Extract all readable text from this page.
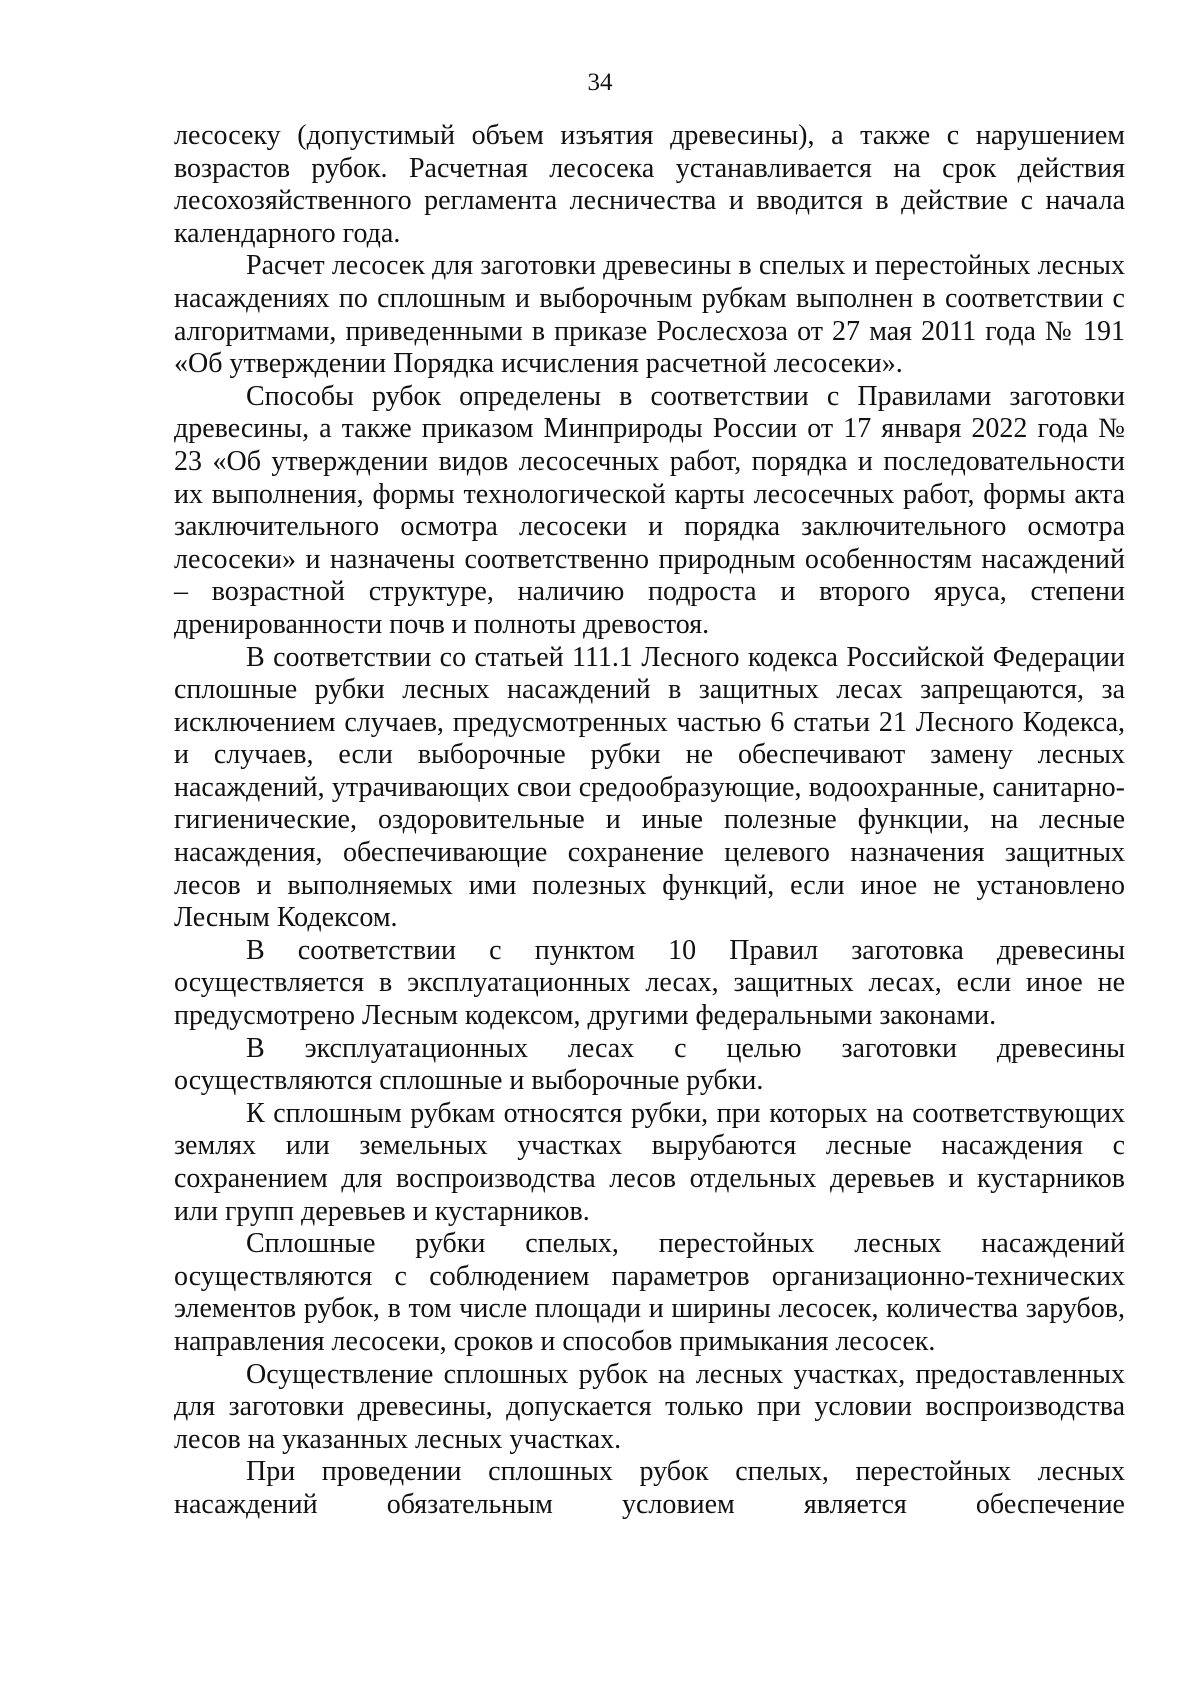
34

лесосеку (допустимый объем изъятия древесины), а также с нарушением возрастов рубок. Расчетная лесосека устанавливается на срок действия лесохозяйственного регламента лесничества и вводится в действие с начала календарного года.

Расчет лесосек для заготовки древесины в спелых и перестойных лесных насаждениях по сплошным и выборочным рубкам выполнен в соответствии с алгоритмами, приведенными в приказе Рослесхоза от 27 мая 2011 года № 191 «Об утверждении Порядка исчисления расчетной лесосеки».

Способы рубок определены в соответствии с Правилами заготовки древесины, а также приказом Минприроды России от 17 января 2022 года № 23 «Об утверждении видов лесосечных работ, порядка и последовательности их выполнения, формы технологической карты лесосечных работ, формы акта заключительного осмотра лесосеки и порядка заключительного осмотра лесосеки» и назначены соответственно природным особенностям насаждений – возрастной структуре, наличию подроста и второго яруса, степени дренированности почв и полноты древостоя.

В соответствии со статьей 111.1 Лесного кодекса Российской Федерации сплошные рубки лесных насаждений в защитных лесах запрещаются, за исключением случаев, предусмотренных частью 6 статьи 21 Лесного Кодекса, и случаев, если выборочные рубки не обеспечивают замену лесных насаждений, утрачивающих свои средообразующие, водоохранные, санитарно-гигиенические, оздоровительные и иные полезные функции, на лесные насаждения, обеспечивающие сохранение целевого назначения защитных лесов и выполняемых ими полезных функций, если иное не установлено Лесным Кодексом.

В соответствии с пунктом 10 Правил заготовка древесины осуществляется в эксплуатационных лесах, защитных лесах, если иное не предусмотрено Лесным кодексом, другими федеральными законами.

В эксплуатационных лесах с целью заготовки древесины осуществляются сплошные и выборочные рубки.

К сплошным рубкам относятся рубки, при которых на соответствующих землях или земельных участках вырубаются лесные насаждения с сохранением для воспроизводства лесов отдельных деревьев и кустарников или групп деревьев и кустарников.

Сплошные рубки спелых, перестойных лесных насаждений осуществляются с соблюдением параметров организационно-технических элементов рубок, в том числе площади и ширины лесосек, количества зарубов, направления лесосеки, сроков и способов примыкания лесосек.

Осуществление сплошных рубок на лесных участках, предоставленных для заготовки древесины, допускается только при условии воспроизводства лесов на указанных лесных участках.

При проведении сплошных рубок спелых, перестойных лесных насаждений обязательным условием является обеспечение
